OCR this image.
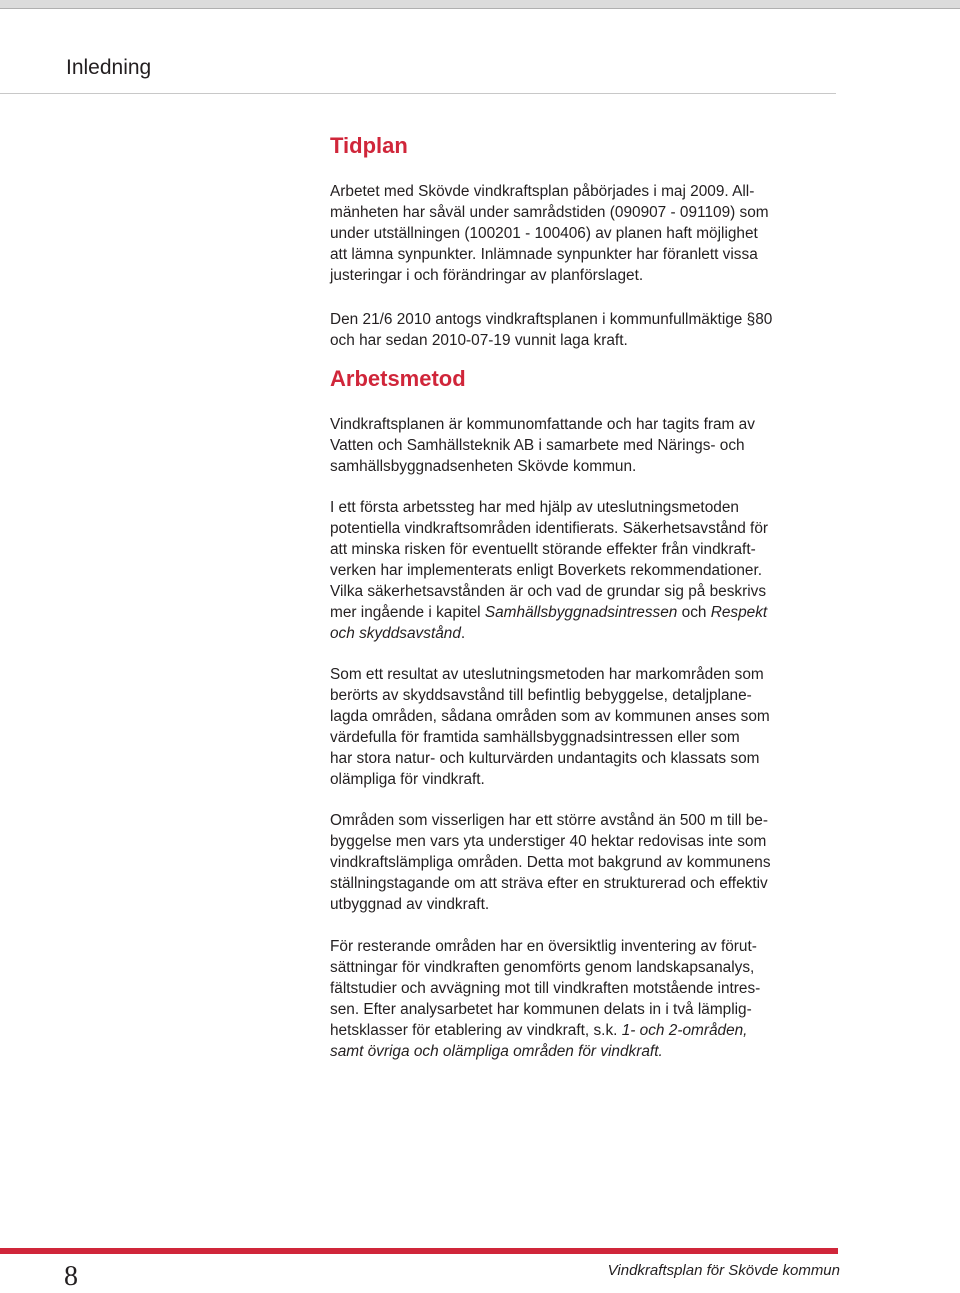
Inledning
Tidplan

Arbetet med Skövde vindkraftsplan påbörjades i maj 2009. All-
mänheten har såväl under samrådstiden (090907 - 091109) som
under utställningen (100201 - 100406) av planen haft möjlighet
att lämna synpunkter. Inlämnade synpunkter har föranlett vissa
justeringar i och förändringar av planförslaget.

Den 21/6 2010 antogs vindkraftsplanen i kommunfullmäktige §80
och har sedan 2010-07-19 vunnit laga kraft.

Arbetsmetod

Vindkraftsplanen är kommunomfattande och har tagits fram av
Vatten och Samhällsteknik AB i samarbete med Närings- och
samhällsbyggnadsenheten Skövde kommun.

I ett första arbetssteg har med hjälp av uteslutningsmetoden
potentiella vindkraftsområden identifierats. Säkerhetsavstånd för
att minska risken för eventuellt störande effekter från vindkraft-
verken har implementerats enligt Boverkets rekommendationer.
Vilka säkerhetsavstånden är och vad de grundar sig på beskrivs
mer ingående i kapitel Samhällsbyggnadsintressen och Respekt
och skyddsavstånd.

Som ett resultat av uteslutningsmetoden har markområden som
berörts av skyddsavstånd till befintlig bebyggelse, detaljplane-
lagda områden, sådana områden som av kommunen anses som
värdefulla för framtida samhällsbyggnadsintressen eller som
har stora natur- och kulturvärden undantagits och klassats som
olämpliga för vindkraft.

Områden som visserligen har ett större avstånd än 500 m till be-
byggelse men vars yta understiger 40 hektar redovisas inte som
vindkraftslämpliga områden. Detta mot bakgrund av kommunens
ställningstagande om att sträva efter en strukturerad och effektiv
utbyggnad av vindkraft.

För resterande områden har en översiktlig inventering av förut-
sättningar för vindkraften genomförts genom landskapsanalys,
fältstudier och avvägning mot till vindkraften motstående intres-
sen. Efter analysarbetet har kommunen delats in i två lämplig-
hetsklasser för etablering av vindkraft, s.k. 1- och 2-områden,
samt övriga och olämpliga områden för vindkraft.

8	Vindkraftsplan för Skövde kommun
